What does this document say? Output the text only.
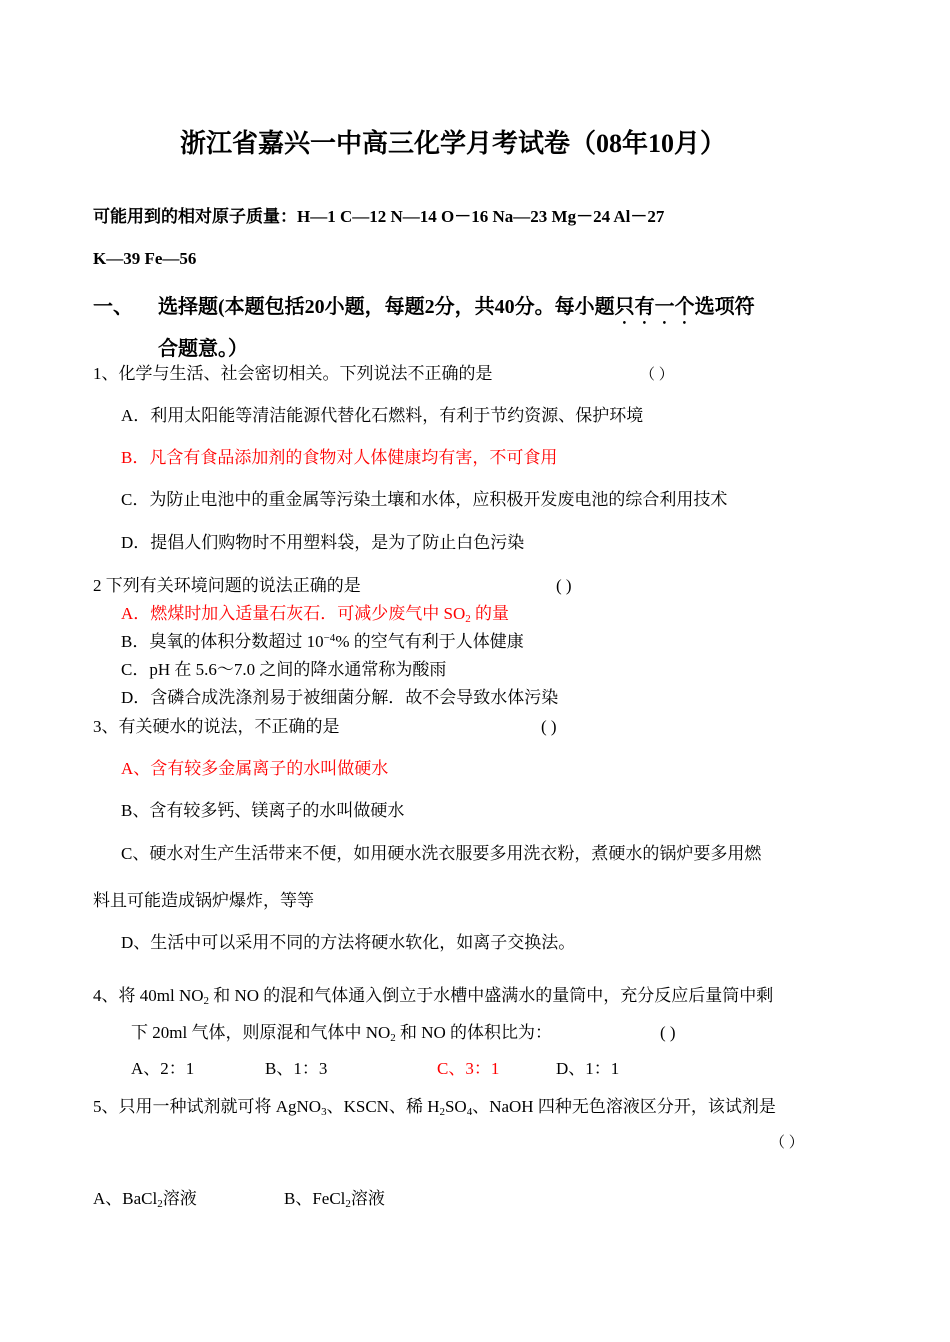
浙江省嘉兴一中高三化学月考试卷（08年10月）
可能用到的相对原子质量：H—1 C—12 N—14 O－16 Na—23 Mg－24 Al－27
K—39 Fe—56
一、 选择题(本题包括20小题，每题2分，共40分。每小题只有一个选项符
合题意。）
1、化学与生活、社会密切相关。下列说法不正确的是	（ ）
A．利用太阳能等清洁能源代替化石燃料，有利于节约资源、保护环境
B．凡含有食品添加剂的食物对人体健康均有害，不可食用
C．为防止电池中的重金属等污染土壤和水体，应积极开发废电池的综合利用技术
D．提倡人们购物时不用塑料袋，是为了防止白色污染
2 下列有关环境问题的说法正确的是	( )
A．燃煤时加入适量石灰石．可减少废气中 $SO_2$ 的量
B．臭氧的体积分数超过 $10^{-4}\%$ 的空气有利于人体健康
C．pH 在 5.6～7.0 之间的降水通常称为酸雨
D．含磷合成洗涤剂易于被细菌分解．故不会导致水体污染
3、有关硬水的说法，不正确的是	( )
A、含有较多金属离子的水叫做硬水
B、含有较多钙、镁离子的水叫做硬水
C、硬水对生产生活带来不便，如用硬水洗衣服要多用洗衣粉，煮硬水的锅炉要多用燃
料且可能造成锅炉爆炸，等等
D、生活中可以采用不同的方法将硬水软化，如离子交换法。
4、将 40ml $NO_2$ 和 NO 的混和气体通入倒立于水槽中盛满水的量筒中，充分反应后量筒中剩
下 20ml 气体，则原混和气体中 $NO_2$ 和 NO 的体积比为：	( )
A、2：1	B、1：3	C、3：1	D、1：1
5、只用一种试剂就可将 AgNO$_3$、KSCN、稀 $H_2SO_4$、NaOH 四种无色溶液区分开，该试剂是
（ ）
A、BaCl$_2$溶液	B、FeCl$_2$溶液
